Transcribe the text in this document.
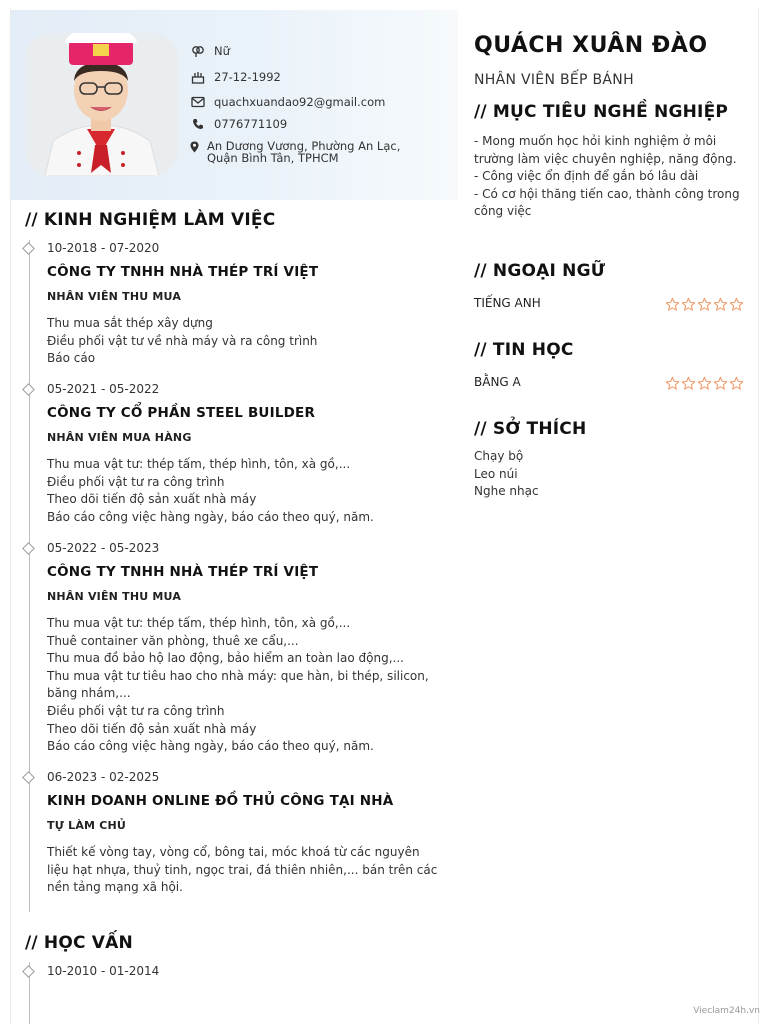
Nữ
27-12-1992
quachxuandao92@gmail.com
0776771109
An Dương Vương, Phường An Lạc, Quận Bình Tân, TPHCM
QUÁCH XUÂN ĐÀO
NHÂN VIÊN BẾP BÁNH
// MỤC TIÊU NGHỀ NGHIỆP
- Mong muốn học hỏi kinh nghiệm ở môi trường làm việc chuyên nghiệp, năng động.
- Công việc ổn định để gắn bó lâu dài
- Có cơ hội thăng tiến cao, thành công trong công việc
// NGOẠI NGỮ
TIẾNG ANH
// TIN HỌC
BẰNG A
// SỞ THÍCH
Chạy bộ
Leo núi
Nghe nhạc
// KINH NGHIỆM LÀM VIỆC
10-2018 - 07-2020
CÔNG TY TNHH NHÀ THÉP TRÍ VIỆT
NHÂN VIÊN THU MUA
Thu mua sắt thép xây dựng
Điều phối vật tư về nhà máy và ra công trình
Báo cáo
05-2021 - 05-2022
CÔNG TY CỔ PHẦN STEEL BUILDER
NHÂN VIÊN MUA HÀNG
Thu mua vật tư: thép tấm, thép hình, tôn, xà gồ,...
Điều phối vật tư ra công trình
Theo dõi tiến độ sản xuất nhà máy
Báo cáo công việc hàng ngày, báo cáo theo quý, năm.
05-2022 - 05-2023
CÔNG TY TNHH NHÀ THÉP TRÍ VIỆT
NHÂN VIÊN THU MUA
Thu mua vật tư: thép tấm, thép hình, tôn, xà gồ,...
Thuê container văn phòng, thuê xe cẩu,...
Thu mua đồ bảo hộ lao động, bảo hiểm an toàn lao động,...
Thu mua vật tư tiêu hao cho nhà máy: que hàn, bi thép, silicon, băng nhám,...
Điều phối vật tư ra công trình
Theo dõi tiến độ sản xuất nhà máy
Báo cáo công việc hàng ngày, báo cáo theo quý, năm.
06-2023 - 02-2025
KINH DOANH ONLINE ĐỒ THỦ CÔNG TẠI NHÀ
TỰ LÀM CHỦ
Thiết kế vòng tay, vòng cổ, bông tai, móc khoá từ các nguyên liệu hạt nhựa, thuỷ tinh, ngọc trai, đá thiên nhiên,... bán trên các nền tảng mạng xã hội.
// HỌC VẤN
10-2010 - 01-2014
Vieclam24h.vn
